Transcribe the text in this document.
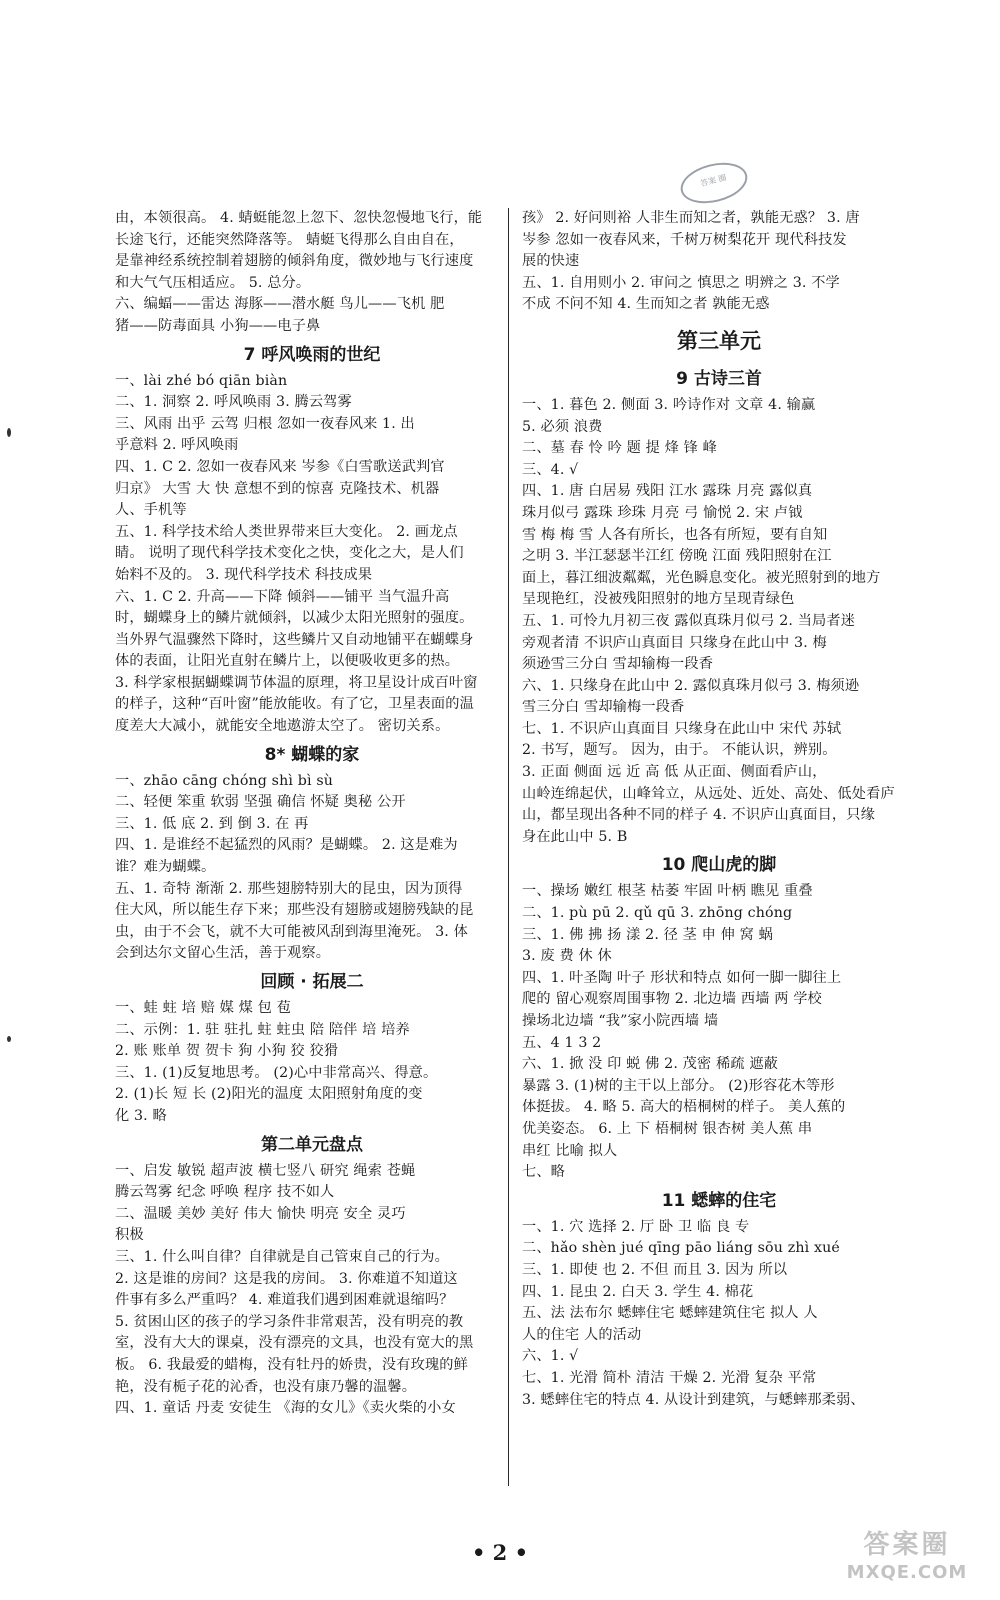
答案 圈
由，本领很高。 4. 蜻蜓能忽上忽下、忽快忽慢地飞行，能
长途飞行，还能突然降落等。 蜻蜓飞得那么自由自在，
是靠神经系统控制着翅膀的倾斜角度，微妙地与飞行速度
和大气气压相适应。 5. 总分。
六、编蝠——雷达 海豚——潜水艇 鸟儿——飞机 肥
猪——防毒面具 小狗——电子鼻
7 呼风唤雨的世纪
一、lài zhé bó qiān biàn
二、1. 洞察 2. 呼风唤雨 3. 腾云驾雾
三、风雨 出乎 云驾 归根 忽如一夜春风来 1. 出
乎意料 2. 呼风唤雨
四、1. C 2. 忽如一夜春风来 岑参《白雪歌送武判官
归京》 大雪 大 快 意想不到的惊喜 克隆技术、机器
人、手机等
五、1. 科学技术给人类世界带来巨大变化。 2. 画龙点
睛。 说明了现代科学技术变化之快，变化之大，是人们
始料不及的。 3. 现代科学技术 科技成果
六、1. C 2. 升高——下降 倾斜——铺平 当气温升高
时，蝴蝶身上的鳞片就倾斜，以减少太阳光照射的强度。
当外界气温骤然下降时，这些鳞片又自动地铺平在蝴蝶身
体的表面，让阳光直射在鳞片上，以便吸收更多的热。
3. 科学家根据蝴蝶调节体温的原理，将卫星设计成百叶窗
的样子，这种“百叶窗”能放能收。有了它，卫星表面的温
度差大大减小，就能安全地遨游太空了。 密切关系。
8* 蝴蝶的家
一、zhāo cāng chóng shì bì sù
二、轻便 笨重 软弱 坚强 确信 怀疑 奥秘 公开
三、1. 低 底 2. 到 倒 3. 在 再
四、1. 是谁经不起猛烈的风雨？是蝴蝶。 2. 这是难为
谁？难为蝴蝶。
五、1. 奇特 渐渐 2. 那些翅膀特别大的昆虫，因为顶得
住大风，所以能生存下来；那些没有翅膀或翅膀残缺的昆
虫，由于不会飞，就不大可能被风刮到海里淹死。 3. 体
会到达尔文留心生活，善于观察。
回顾 · 拓展二
一、蛙 蛀 培 赔 媒 煤 包 苞
二、示例：1. 驻 驻扎 蛀 蛀虫 陪 陪伴 培 培养
2. 账 账单 贺 贺卡 狗 小狗 狡 狡猾
三、1. (1)反复地思考。 (2)心中非常高兴、得意。
2. (1)长 短 长 (2)阳光的温度 太阳照射角度的变
化 3. 略
第二单元盘点
一、启发 敏锐 超声波 横七竖八 研究 绳索 苍蝇
腾云驾雾 纪念 呼唤 程序 技不如人
二、温暖 美妙 美好 伟大 愉快 明亮 安全 灵巧
积极
三、1. 什么叫自律？自律就是自己管束自己的行为。
2. 这是谁的房间？这是我的房间。 3. 你难道不知道这
件事有多么严重吗？ 4. 难道我们遇到困难就退缩吗？
5. 贫困山区的孩子的学习条件非常艰苦，没有明亮的教
室，没有大大的课桌，没有漂亮的文具，也没有宽大的黑
板。 6. 我最爱的蜡梅，没有牡丹的娇贵，没有玫瑰的鲜
艳，没有栀子花的沁香，也没有康乃馨的温馨。
四、1. 童话 丹麦 安徒生 《海的女儿》《卖火柴的小女
孩》 2. 好问则裕 人非生而知之者，孰能无惑？ 3. 唐
岑参 忽如一夜春风来，千树万树梨花开 现代科技发
展的快速
五、1. 自用则小 2. 审问之 慎思之 明辨之 3. 不学
不成 不问不知 4. 生而知之者 孰能无惑
第三单元
9 古诗三首
一、1. 暮色 2. 侧面 3. 吟诗作对 文章 4. 输赢
5. 必须 浪费
二、墓 春 怜 吟 题 提 烽 锋 峰
三、4. √
四、1. 唐 白居易 残阳 江水 露珠 月亮 露似真
珠月似弓 露珠 珍珠 月亮 弓 愉悦 2. 宋 卢钺
雪 梅 梅 雪 人各有所长，也各有所短，要有自知
之明 3. 半江瑟瑟半江红 傍晚 江面 残阳照射在江
面上，暮江细波粼粼，光色瞬息变化。被光照射到的地方
呈现艳红，没被残阳照射的地方呈现青绿色
五、1. 可怜九月初三夜 露似真珠月似弓 2. 当局者迷
旁观者清 不识庐山真面目 只缘身在此山中 3. 梅
须逊雪三分白 雪却输梅一段香
六、1. 只缘身在此山中 2. 露似真珠月似弓 3. 梅须逊
雪三分白 雪却输梅一段香
七、1. 不识庐山真面目 只缘身在此山中 宋代 苏轼
2. 书写，题写。 因为，由于。 不能认识，辨别。
3. 正面 侧面 远 近 高 低 从正面、侧面看庐山，
山岭连绵起伏，山峰耸立，从远处、近处、高处、低处看庐
山，都呈现出各种不同的样子 4. 不识庐山真面目，只缘
身在此山中 5. B
10 爬山虎的脚
一、操场 嫩红 根茎 枯萎 牢固 叶柄 瞧见 重叠
二、1. pù pū 2. qǔ qū 3. zhōng chóng
三、1. 佛 拂 扬 漾 2. 径 茎 申 伸 窝 蜗
3. 废 费 休 休
四、1. 叶圣陶 叶子 形状和特点 如何一脚一脚往上
爬的 留心观察周围事物 2. 北边墙 西墙 两 学校
操场北边墙 “我”家小院西墙 墙
五、4 1 3 2
六、1. 掀 没 印 蜕 佛 2. 茂密 稀疏 遮蔽
暴露 3. (1)树的主干以上部分。 (2)形容花木等形
体挺拔。 4. 略 5. 高大的梧桐树的样子。 美人蕉的
优美姿态。 6. 上 下 梧桐树 银杏树 美人蕉 串
串红 比喻 拟人
七、略
11 蟋蟀的住宅
一、1. 穴 选择 2. 厅 卧 卫 临 良 专
二、hǎo shèn jué qīng pāo liáng sōu zhì xué
三、1. 即使 也 2. 不但 而且 3. 因为 所以
四、1. 昆虫 2. 白天 3. 学生 4. 棉花
五、法 法布尔 蟋蟀住宅 蟋蟀建筑住宅 拟人 人
人的住宅 人的活动
六、1. √
七、1. 光滑 简朴 清洁 干燥 2. 光滑 复杂 平常
3. 蟋蟀住宅的特点 4. 从设计到建筑，与蟋蟀那柔弱、
• 2 •	答案圈
MXQE.COM
